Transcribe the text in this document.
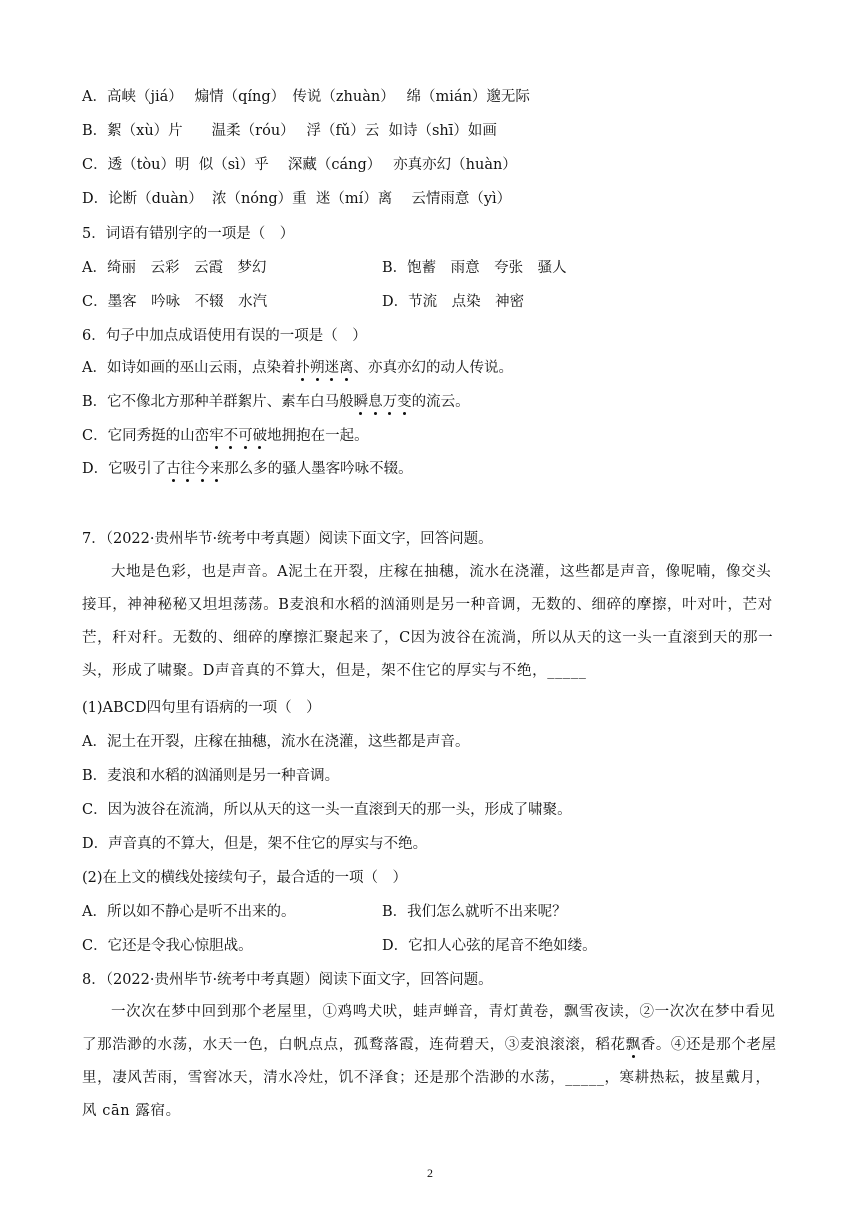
A．高峡（jiá）　 煽情（qíng）　传说（zhuàn）　 绵（mián）邈无际
B．絮（xù）片　　温柔（róu）　 浮（fǔ）云  如诗（shī）如画
C．透（tòu）明  似（sì）乎　 深藏（cáng）　 亦真亦幻（huàn）
D．论断（duàn）  浓（nóng）重  迷（mí）离　 云情雨意（yì）
5．词语有错别字的一项是（　）
A．绮丽　云彩　云霞　梦幻	B．饱蓄　雨意　夸张　骚人
C．墨客　吟咏　不辍　水汽	D．节流　点染　神密
6．句子中加点成语使用有误的一项是（　）
A．如诗如画的巫山云雨，点染着扑朔迷离、亦真亦幻的动人传说。
B．它不像北方那种羊群絮片、素车白马般瞬息万变的流云。
C．它同秀挺的山峦牢不可破地拥抱在一起。
D．它吸引了古往今来那么多的骚人墨客吟咏不辍。
7．（2022·贵州毕节·统考中考真题）阅读下面文字，回答问题。

大地是色彩，也是声音。A泥土在开裂，庄稼在抽穗，流水在浇灌，这些都是声音，像呢喃，像交头接耳，神神秘秘又坦坦荡荡。B麦浪和水稻的汹涌则是另一种音调，无数的、细碎的摩擦，叶对叶，芒对芒，秆对秆。无数的、细碎的摩擦汇聚起来了，C因为波谷在流淌，所以从天的这一头一直滚到天的那一头，形成了啸聚。D声音真的不算大，但是，架不住它的厚实与不绝，_____

(1)ABCD四句里有语病的一项（　）
A．泥土在开裂，庄稼在抽穗，流水在浇灌，这些都是声音。
B．麦浪和水稻的汹涌则是另一种音调。
C．因为波谷在流淌，所以从天的这一头一直滚到天的那一头，形成了啸聚。
D．声音真的不算大，但是，架不住它的厚实与不绝。
(2)在上文的横线处接续句子，最合适的一项（　）
A．所以如不静心是听不出来的。	B．我们怎么就听不出来呢？
C．它还是令我心惊胆战。	D．它扣人心弦的尾音不绝如缕。
8．（2022·贵州毕节·统考中考真题）阅读下面文字，回答问题。

一次次在梦中回到那个老屋里，①鸡鸣犬吠，蛙声蝉音，青灯黄卷，飘雪夜读，②一次次在梦中看见了那浩渺的水荡，水天一色，白帆点点，孤鹜落霞，连荷碧天，③麦浪滚滚，稻花飘香。④还是那个老屋里，凄风苦雨，雪窖冰天，清水冷灶，饥不泽食；还是那个浩渺的水荡，_____，寒耕热耘，披星戴月，风 cān 露宿。

2
